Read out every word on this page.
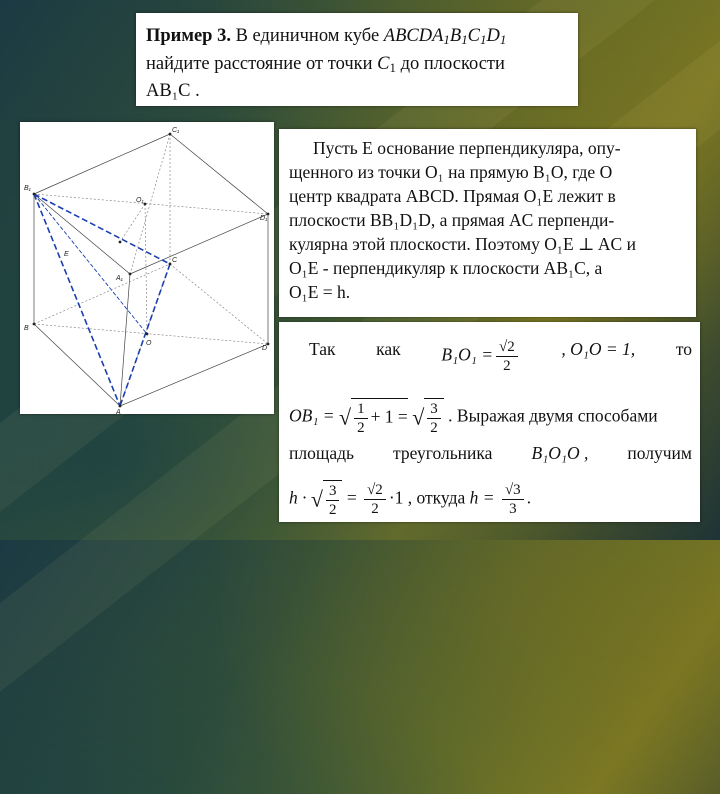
Пример 3. В единичном кубе $ABCDA_1B_1C_1D_1$
найдите расстояние от точки $C_1$ до плоскости
AB₁C .
C₁
B₁
O₁
D₁
E
A₁
C
B
O
D
A
Пусть E основание перпендикуляра, опу-
щенного из точки O₁ на прямую B₁O, где O
центр квадрата ABCD. Прямая O₁E лежит в
плоскости BB₁D₁D, а прямая AC перпенди-
кулярна этой плоскости. Поэтому O₁E ⊥ AC и
O₁E - перпендикуляр к плоскости AB₁C, а
O₁E = h.
Так как $B_1O_1 = \frac{√2}{2}$ , O₁O = 1, то
OB₁ = √ $\frac{1}{2} + 1$ = √ $\frac{3}{2}$ . Выражая двумя способами
площадь треугольника B₁O₁O , получим
h · √ $\frac{3}{2} = \frac{√2}{2} \cdot 1$ , откуда $h = \frac{√3}{3}$ .
